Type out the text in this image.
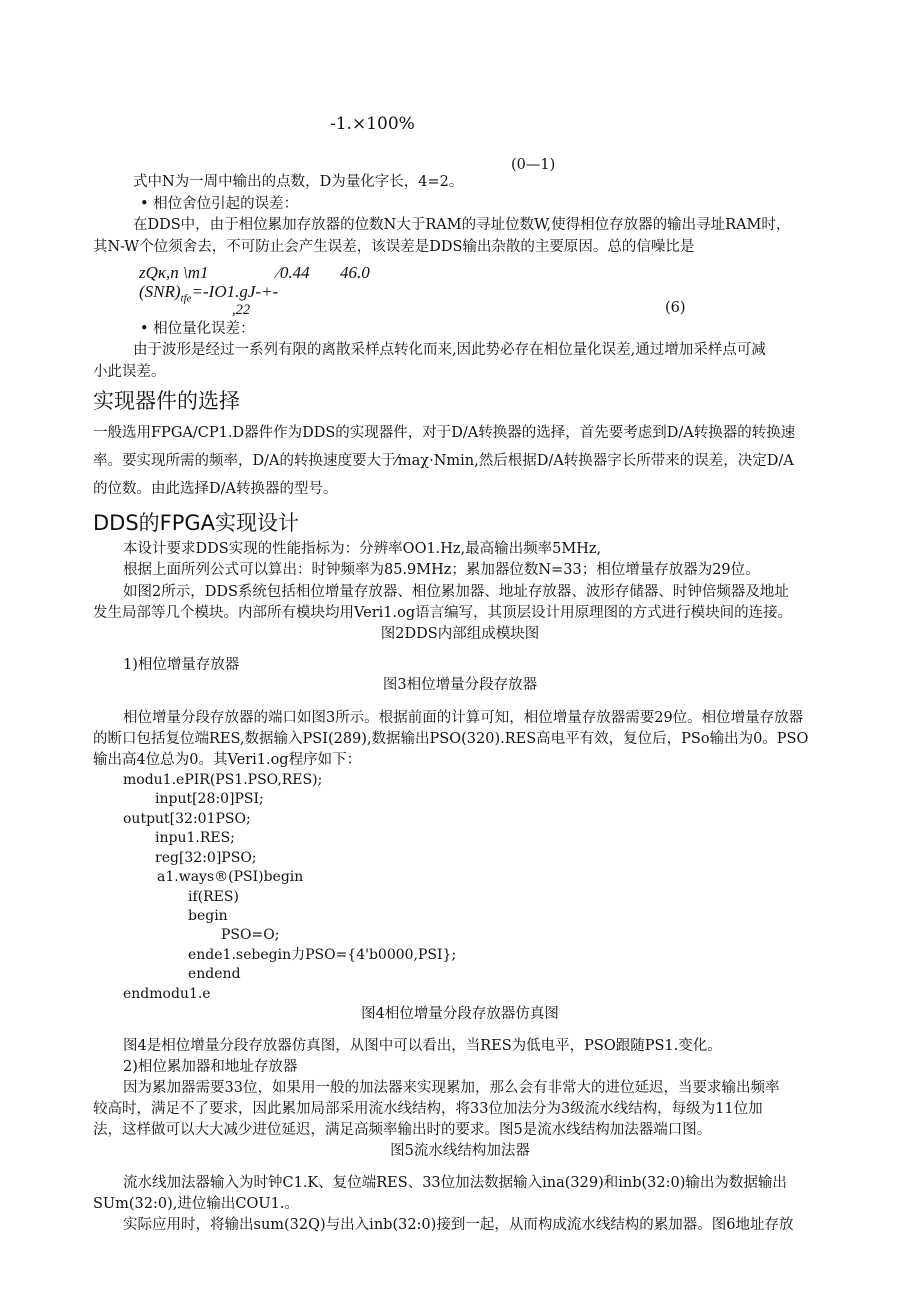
-1.×100%
(0—1)
式中N为一周中输出的点数，D为量化字长，4=2。
• 相位舍位引起的误差：
在DDS中，由于相位累加存放器的位数N大于RAM的寻址位数W,使得相位存放器的输出寻址RAM时，
其N-W个位须舍去，不可防止会产生误差，该误差是DDS输出杂散的主要原因。总的信噪比是
zQκ,n \m1	⁄0.44 46.0
$(SNR)_{tfe}=-IO1.gJ-+-$
,22	(6)
• 相位量化误差：
由于波形是经过一系列有限的离散采样点转化而来,因此势必存在相位量化误差,通过增加采样点可减
小此误差。
实现器件的选择
一般选用FPGA/CP1.D器件作为DDS的实现器件，对于D/A转换器的选择，首先要考虑到D/A转换器的转换速
率。要实现所需的频率，D/A的转换速度要大于⁄maχ·Nmin,然后根据D/A转换器字长所带来的误差，决定D/A
的位数。由此选择D/A转换器的型号。
DDS的FPGA实现设计
本设计要求DDS实现的性能指标为：分辨率OO1.Hz,最高输出频率5MHz,
根据上面所列公式可以算出：时钟频率为85.9MHz；累加器位数N=33；相位增量存放器为29位。
如图2所示，DDS系统包括相位增量存放器、相位累加器、地址存放器、波形存储器、时钟倍频器及地址
发生局部等几个模块。内部所有模块均用Veri1.og语言编写，其顶层设计用原理图的方式进行模块间的连接。
图2DDS内部组成模块图
1)相位增量存放器
图3相位增量分段存放器
相位增量分段存放器的端口如图3所示。根据前面的计算可知，相位增量存放器需要29位。相位增量存放器
的断口包括复位端RES,数据输入PSI(289),数据输出PSO(320).RES高电平有效，复位后，PSo输出为0。PSO
输出高4位总为0。其Veri1.og程序如下：
modu1.ePIR(PS1.PSO,RES);
input[28:0]PSI;
output[32:01PSO;
inpu1.RES;
reg[32:0]PSO;
a1.ways®(PSI)begin
if(RES)
begin
PSO=O;
ende1.sebegin力PSO={4'b0000,PSI};
endend
endmodu1.e
图4相位增量分段存放器仿真图
图4是相位增量分段存放器仿真图，从图中可以看出，当RES为低电平，PSO跟随PS1.变化。
2)相位累加器和地址存放器
因为累加器需要33位，如果用一般的加法器来实现累加，那么会有非常大的进位延迟，当要求输出频率
较高时，满足不了要求，因此累加局部采用流水线结构，将33位加法分为3级流水线结构，每级为11位加
法，这样做可以大大减少进位延迟，满足高频率输出时的要求。图5是流水线结构加法器端口图。
图5流水线结构加法器
流水线加法器输入为时钟C1.K、复位端RES、33位加法数据输入ina(329)和inb(32:0)输出为数据输出
SUm(32:0),进位输出COU1.。
实际应用时，将输出sum(32Q)与出入inb(32:0)接到一起，从而构成流水线结构的累加器。图6地址存放
